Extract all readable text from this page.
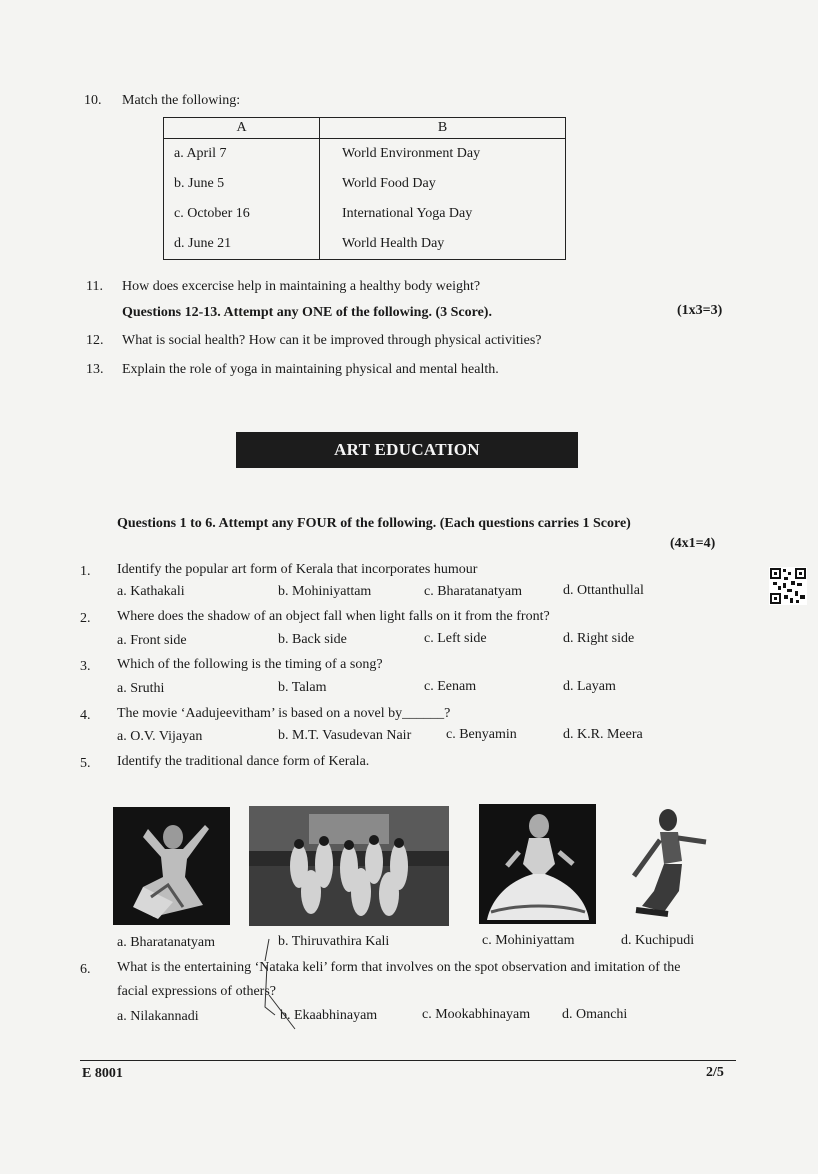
10. Match the following:
A	B
a. April 7	World Environment Day
b. June 5	World Food Day
c. October 16	International Yoga Day
d. June 21	World Health Day
11. How does excercise help in maintaining a healthy body weight?
Questions 12-13. Attempt any ONE of the following. (3 Score).	(1x3=3)
12. What is social health? How can it be improved through physical activities?
13. Explain the role of yoga in maintaining physical and mental health.
ART EDUCATION
Questions 1 to 6. Attempt any FOUR of the following. (Each questions carries 1 Score)
(4x1=4)
1. Identify the popular art form of Kerala that incorporates humour
a. Kathakali	b. Mohiniyattam	c. Bharatanatyam	d. Ottanthullal
2. Where does the shadow of an object fall when light falls on it from the front?
a. Front side	b. Back side	c. Left side	d. Right side
3. Which of the following is the timing of a song?
a. Sruthi	b. Talam	c. Eenam	d. Layam
4. The movie ‘Aadujeevitham’ is based on a novel by______?
a. O.V. Vijayan	b. M.T. Vasudevan Nair c. Benyamin	d. K.R. Meera
5. Identify the traditional dance form of Kerala.
a. Bharatanatyam	b. Thiruvathira Kali	c. Mohiniyattam	d. Kuchipudi
6. What is the entertaining ‘Nataka keli’ form that involves on the spot observation and imitation of the
facial expressions of others?
a. Nilakannadi	b. Ekaabhinayam	c. Mookabhinayam d. Omanchi
E 8001	2/5
